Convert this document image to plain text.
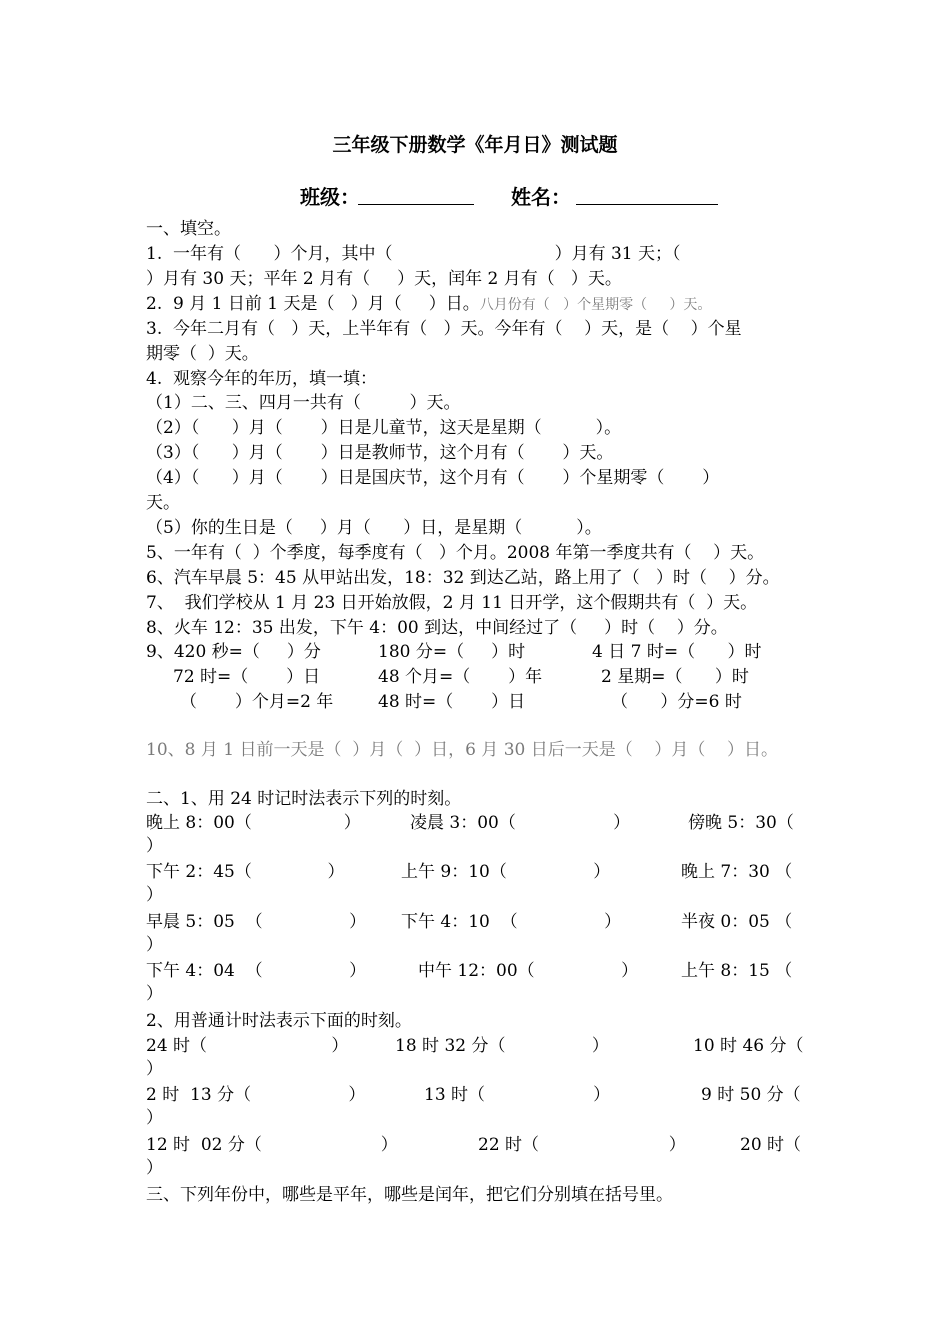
三年级下册数学《年月日》测试题
班级：	姓名：
一、填空。
1.  一年有（      ）个月，其中（                              ）月有 31 天；（
）月有 30 天；平年 2 月有（     ）天，闰年 2 月有（   ）天。
2.  9 月 1 日前 1 天是（   ）月（     ）日。八月份有（   ）个星期零（     ）天。
3.  今年二月有（   ）天，上半年有（   ）天。今年有（    ）天，是（    ）个星
期零（  ）天。
4.  观察今年的年历，填一填：
（1）二、三、四月一共有（         ）天。
（2）（      ）月（       ）日是儿童节，这天是星期（          ）。
（3）（      ）月（       ）日是教师节，这个月有（       ）天。
（4）（      ）月（       ）日是国庆节，这个月有（       ）个星期零（       ）
天。
（5）你的生日是（     ）月（      ）日，是星期（          ）。
5、一年有（  ）个季度，每季度有（   ）个月。2008 年第一季度共有（    ）天。
6、汽车早晨 5：45 从甲站出发，18：32 到达乙站，路上用了（   ）时（    ）分。
7、  我们学校从 1 月 23 日开始放假，2 月 11 日开学，这个假期共有（  ）天。
8、火车 12：35 出发，下午 4：00 到达，中间经过了（     ）时（    ）分。
9、420 秒=（     ）分	180 分=（     ）时	4 日 7 时=（      ）时
72 时=（       ）日	48 个月=（       ）年	2 星期=（      ）时
（       ）个月=2 年	48 时=（       ）日	（      ）分=6 时
10、8 月 1 日前一天是（  ）月（  ）日，6 月 30 日后一天是（    ）月（    ）日。
二、1、用 24 时记时法表示下列的时刻。
晚上 8：00（                 ）	凌晨 3：00（                  ）	傍晚 5：30（
）
下午 2：45（              ）	上午 9：10（                ）	晚上 7：30 （
）
早晨 5：05  （                ） 下午 4：10  （                ）	半夜 0：05 （
）
下午 4：04  （                ）	中午 12：00（                ）	上午 8：15 （
）
2、用普通计时法表示下面的时刻。
24 时（                       ）	18 时 32 分（                ）	10 时 46 分（
）
2 时  13 分（                  ）	13 时（                    ）	9 时 50 分（
）
12 时  02 分（                      ）	22 时（                        ）	20 时（
）
三、下列年份中，哪些是平年，哪些是闰年，把它们分别填在括号里。
